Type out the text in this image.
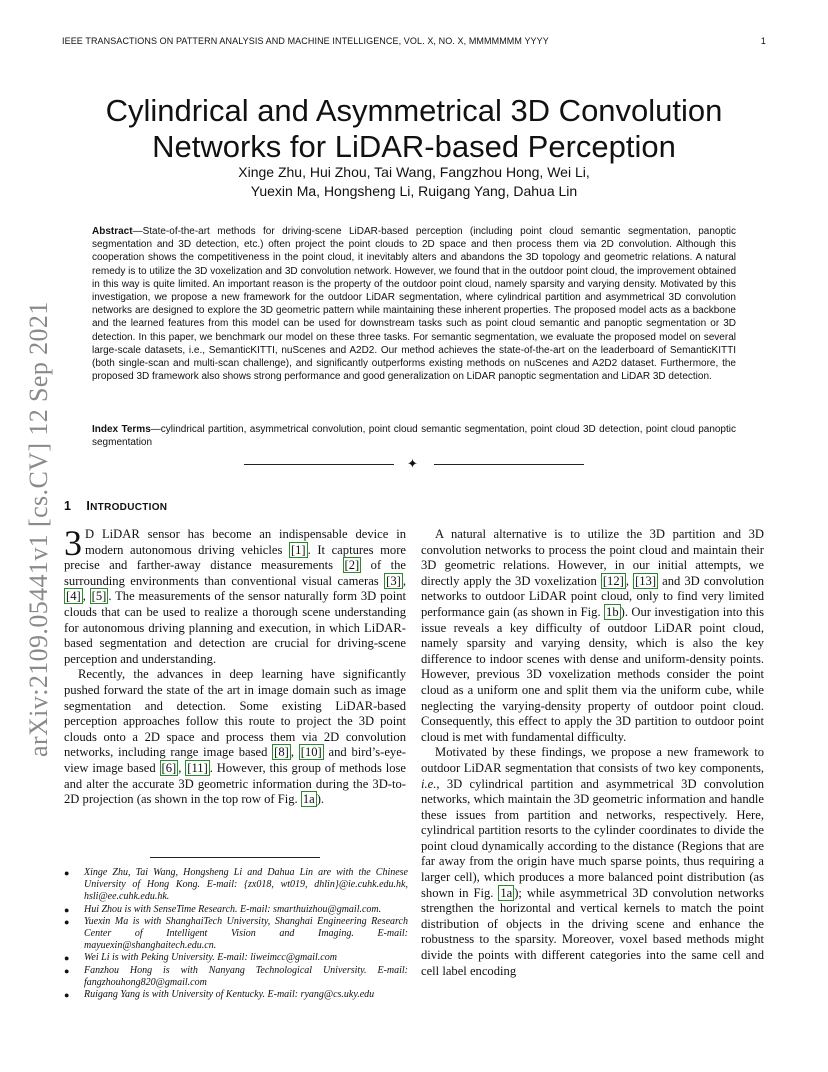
IEEE TRANSACTIONS ON PATTERN ANALYSIS AND MACHINE INTELLIGENCE, VOL. X, NO. X, MMMMMMM YYYY	1
Cylindrical and Asymmetrical 3D Convolution Networks for LiDAR-based Perception
Xinge Zhu, Hui Zhou, Tai Wang, Fangzhou Hong, Wei Li,
Yuexin Ma, Hongsheng Li, Ruigang Yang, Dahua Lin
Abstract—State-of-the-art methods for driving-scene LiDAR-based perception (including point cloud semantic segmentation, panoptic segmentation and 3D detection, etc.) often project the point clouds to 2D space and then process them via 2D convolution. Although this cooperation shows the competitiveness in the point cloud, it inevitably alters and abandons the 3D topology and geometric relations. A natural remedy is to utilize the 3D voxelization and 3D convolution network. However, we found that in the outdoor point cloud, the improvement obtained in this way is quite limited. An important reason is the property of the outdoor point cloud, namely sparsity and varying density. Motivated by this investigation, we propose a new framework for the outdoor LiDAR segmentation, where cylindrical partition and asymmetrical 3D convolution networks are designed to explore the 3D geometric pattern while maintaining these inherent properties. The proposed model acts as a backbone and the learned features from this model can be used for downstream tasks such as point cloud semantic and panoptic segmentation or 3D detection. In this paper, we benchmark our model on these three tasks. For semantic segmentation, we evaluate the proposed model on several large-scale datasets, i.e., SemanticKITTI, nuScenes and A2D2. Our method achieves the state-of-the-art on the leaderboard of SemanticKITTI (both single-scan and multi-scan challenge), and significantly outperforms existing methods on nuScenes and A2D2 dataset. Furthermore, the proposed 3D framework also shows strong performance and good generalization on LiDAR panoptic segmentation and LiDAR 3D detection.
Index Terms—cylindrical partition, asymmetrical convolution, point cloud semantic segmentation, point cloud 3D detection, point cloud panoptic segmentation
✦
arXiv:2109.05441v1 [cs.CV] 12 Sep 2021 1 INTRODUCTION

3 D LiDAR sensor has become an indispensable device in modern autonomous driving vehicles [1] . It captures more precise and farther-away distance measurements [2] of the surrounding environments than conventional visual cameras [3] , [4] , [5] . The measurements of the sensor naturally form 3D point clouds that can be used to realize a thorough scene understanding for autonomous driving planning and execution, in which LiDAR-based segmentation and detection are crucial for driving-scene perception and understanding.

Recently, the advances in deep learning have significantly pushed forward the state of the art in image domain such as image segmentation and detection. Some existing LiDAR-based perception approaches follow this route to project the 3D point clouds onto a 2D space and process them via 2D convolution networks, including range image based [8] , [10] and bird’s-eye-view image based [6] , [11] . However, this group of methods lose and alter the accurate 3D geometric information during the 3D-to-2D projection (as shown in the top row of Fig. 1a ).

A natural alternative is to utilize the 3D partition and 3D convolution networks to process the point cloud and maintain their 3D geometric relations. However, in our initial attempts, we directly apply the 3D voxelization [12] , [13] and 3D convolution networks to outdoor LiDAR point cloud, only to find very limited performance gain (as shown in Fig. 1b ). Our investigation into this issue reveals a key difficulty of outdoor LiDAR point cloud, namely sparsity and varying density, which is also the key difference to indoor scenes with dense and uniform-density points. However, previous 3D voxelization methods consider the point cloud as a uniform one and split them via the uniform cube, while neglecting the varying-density property of outdoor point cloud. Consequently, this effect to apply the 3D partition to outdoor point cloud is met with fundamental difficulty.

Motivated by these findings, we propose a new framework to outdoor LiDAR segmentation that consists of two key components, i.e., 3D cylindrical partition and asymmetrical 3D convolution networks, which maintain the 3D geometric information and handle these issues from partition and networks, respectively. Here, cylindrical partition resorts to the cylinder coordinates to divide the point cloud dynamically according to the distance (Regions that are far away from the origin have much sparse points, thus requiring a larger cell), which produces a more balanced point distribution (as shown in Fig. 1a ); while asymmetrical 3D convolution networks strengthen the horizontal and vertical kernels to match the point distribution of objects in the driving scene and enhance the robustness to the sparsity. Moreover, voxel based methods might divide the points with different categories into the same cell and cell label encoding

● Xinge Zhu, Tai Wang, Hongsheng Li and Dahua Lin are with the Chinese University of Hong Kong. E-mail: {zx018, wt019, dhlin}@ie.cuhk.edu.hk, hsli@ee.cuhk.edu.hk.
● Hui Zhou is with SenseTime Research. E-mail: smarthuizhou@gmail.com.
● Yuexin Ma is with ShanghaiTech University, Shanghai Engineering Research Center of Intelligent Vision and Imaging. E-mail: mayuexin@shanghaitech.edu.cn.
● Wei Li is with Peking University. E-mail: liweimcc@gmail.com
● Fanzhou Hong is with Nanyang Technological University. E-mail: fangzhouhong820@gmail.com
● Ruigang Yang is with University of Kentucky. E-mail: ryang@cs.uky.edu
